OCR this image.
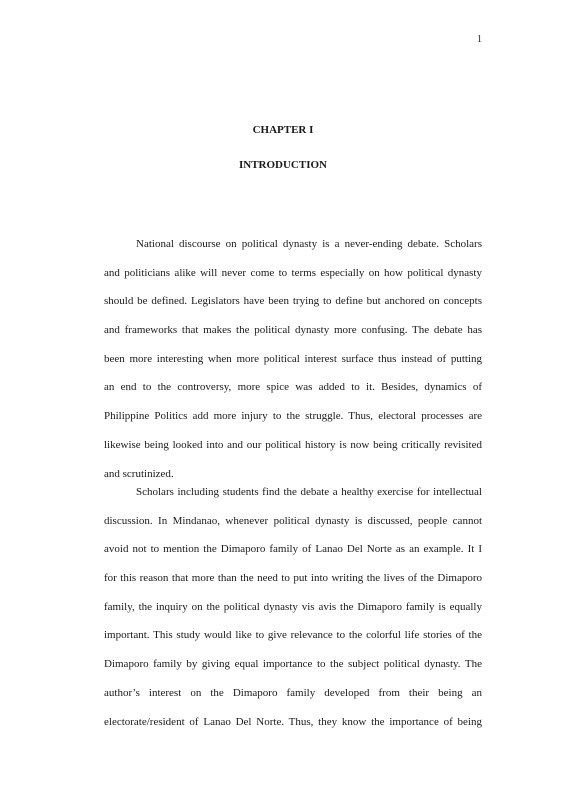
1
CHAPTER I
INTRODUCTION
National discourse on political dynasty is a never-ending debate. Scholars
and politicians alike will never come to terms especially on how political dynasty
should be defined. Legislators have been trying to define but anchored on concepts
and frameworks that makes the political dynasty more confusing. The debate has
been more interesting when more political interest surface thus instead of putting
an end to the controversy, more spice was added to it. Besides, dynamics of
Philippine Politics add more injury to the struggle. Thus, electoral processes are
likewise being looked into and our political history is now being critically revisited
and scrutinized.
Scholars including students find the debate a healthy exercise for intellectual
discussion. In Mindanao, whenever political dynasty is discussed, people cannot
avoid not to mention the Dimaporo family of Lanao Del Norte as an example. It I
for this reason that more than the need to put into writing the lives of the Dimaporo
family, the inquiry on the political dynasty vis avis the Dimaporo family is equally
important. This study would like to give relevance to the colorful life stories of the
Dimaporo family by giving equal importance to the subject political dynasty. The
author’s interest on the Dimaporo family developed from their being an
electorate/resident of Lanao Del Norte. Thus, they know the importance of being
